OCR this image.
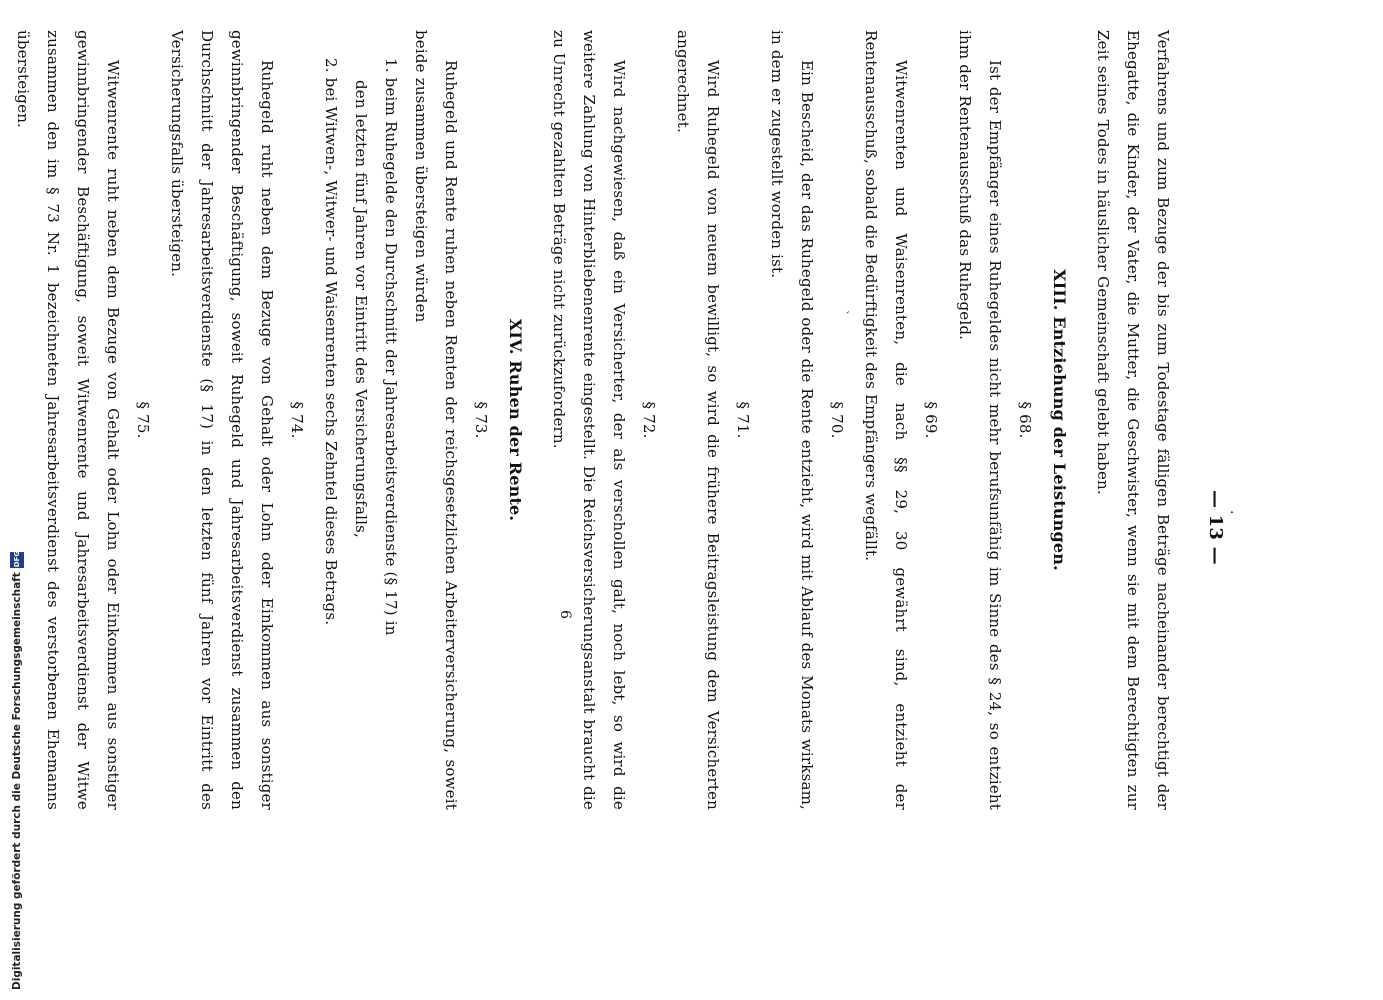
Digitalisierung gefördert durch die Deutsche Forschungsgemeinschaft
DFG
·
— 13 —

Verfahrens und zum Bezuge der bis zum Todestage fälligen Beträge nacheinander berechtigt der Ehegatte, die Kinder, der Vater, die Mutter, die Geschwister, wenn sie mit dem Berechtigten zur Zeit seines Todes in häuslicher Gemeinschaft gelebt haben.

XIII. Entziehung der Leistungen.
§ 68.

Ist der Empfänger eines Ruhegeldes nicht mehr berufsunfähig im Sinne des § 24, so entzieht ihm der Rentenausschuß das Ruhegeld.

§ 69.

Witwenrenten und Waisenrenten, die nach §§ 29, 30 gewährt sind, entzieht der Rentenausschuß, sobald die Bedürftigkeit des Empfängers wegfällt.

§ 70.

Ein Bescheid, der das Ruhegeld oder die Rente entzieht, wird mit Ablauf des Monats wirksam, in dem er zugestellt worden ist.

§ 71.

Wird Ruhegeld von neuem bewilligt, so wird die frühere Beitragsleistung dem Versicherten angerechnet.

§ 72.

Wird nachgewiesen, daß ein Versicherter, der als verschollen galt, noch lebt, so wird die weitere Zahlung von Hinterbliebenenrente eingestellt. Die Reichsversicherungsanstalt braucht die zu Unrecht gezahlten Beträge nicht zurückzufordern.

XIV. Ruhen der Rente.
§ 73.

Ruhegeld und Rente ruhen neben Renten der reichsgesetzlichen Arbeiterversicherung, soweit beide zusammen übersteigen würden

1. beim Ruhegelde den Durchschnitt der Jahresarbeitsverdienste (§ 17) in
den letzten fünf Jahren vor Eintritt des Versicherungsfalls,
2. bei Witwen-, Witwer- und Waisenrenten sechs Zehntel dieses Betrags.
§ 74.

Ruhegeld ruht neben dem Bezuge von Gehalt oder Lohn oder Einkommen aus sonstiger gewinnbringender Beschäftigung, soweit Ruhegeld und Jahresarbeitsverdienst zusammen den Durchschnitt der Jahresarbeitsverdienste (§ 17) in den letzten fünf Jahren vor Eintritt des Versicherungsfalls übersteigen.

§ 75.

Witwenrente ruht neben dem Bezuge von Gehalt oder Lohn oder Einkommen aus sonstiger gewinnbringender Beschäftigung, soweit Witwenrente und Jahresarbeitsverdienst der Witwe zusammen den im § 73 Nr. 1 bezeichneten Jahresarbeitsverdienst des verstorbenen Ehemanns übersteigen.

6
`
